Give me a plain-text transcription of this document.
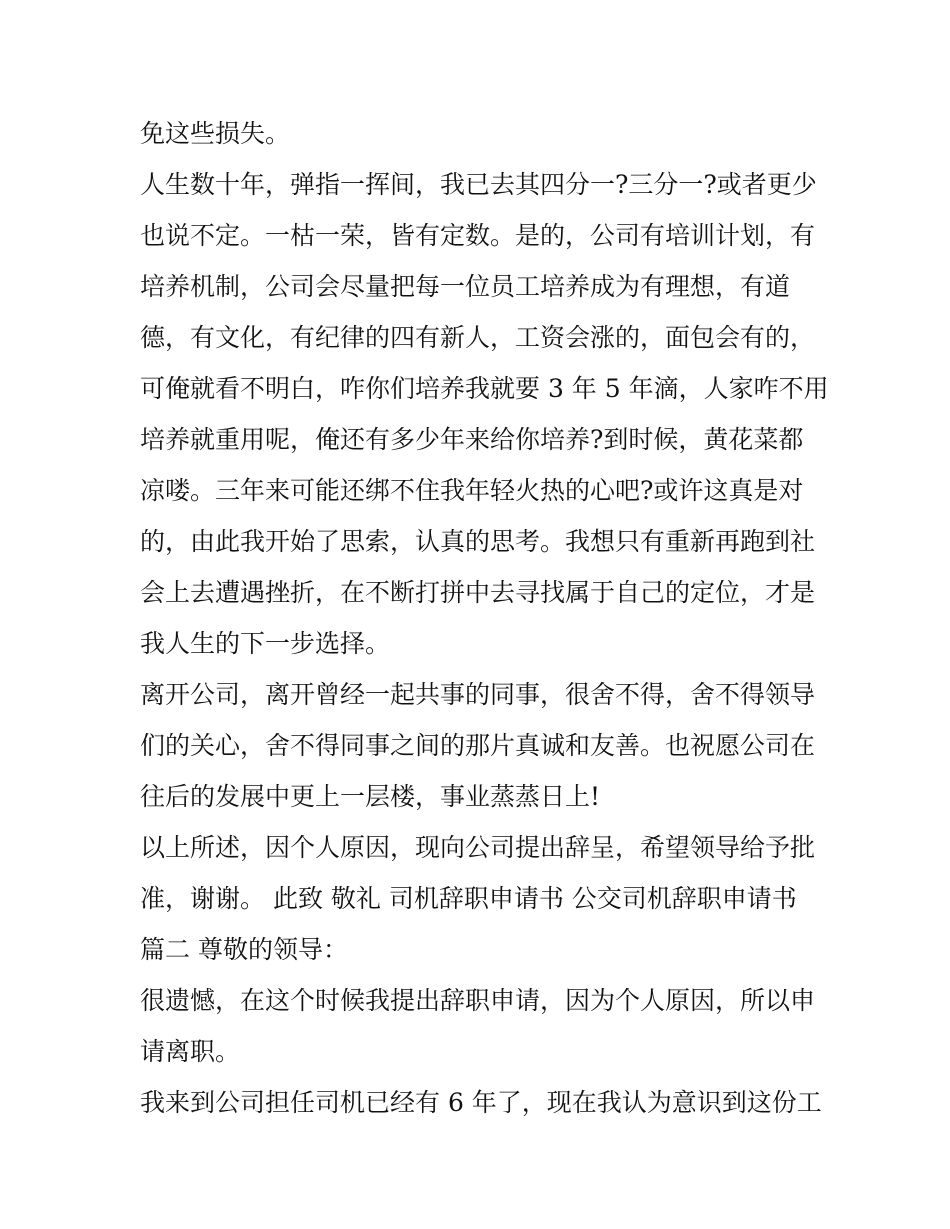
免这些损失。
人生数十年，弹指一挥间，我已去其四分一?三分一?或者更少
也说不定。一枯一荣，皆有定数。是的，公司有培训计划，有
培养机制，公司会尽量把每一位员工培养成为有理想，有道
德，有文化，有纪律的四有新人，工资会涨的，面包会有的，
可俺就看不明白，咋你们培养我就要 3 年 5 年滴，人家咋不用
培养就重用呢，俺还有多少年来给你培养?到时候，黄花菜都
凉喽。三年来可能还绑不住我年轻火热的心吧?或许这真是对
的，由此我开始了思索，认真的思考。我想只有重新再跑到社
会上去遭遇挫折，在不断打拼中去寻找属于自己的定位，才是
我人生的下一步选择。
离开公司，离开曾经一起共事的同事，很舍不得，舍不得领导
们的关心，舍不得同事之间的那片真诚和友善。也祝愿公司在
往后的发展中更上一层楼，事业蒸蒸日上!
以上所述，因个人原因，现向公司提出辞呈，希望领导给予批
准，谢谢。 此致 敬礼 司机辞职申请书 公交司机辞职申请书
篇二 尊敬的领导：
很遗憾，在这个时候我提出辞职申请，因为个人原因，所以申
请离职。
我来到公司担任司机已经有 6 年了，现在我认为意识到这份工
